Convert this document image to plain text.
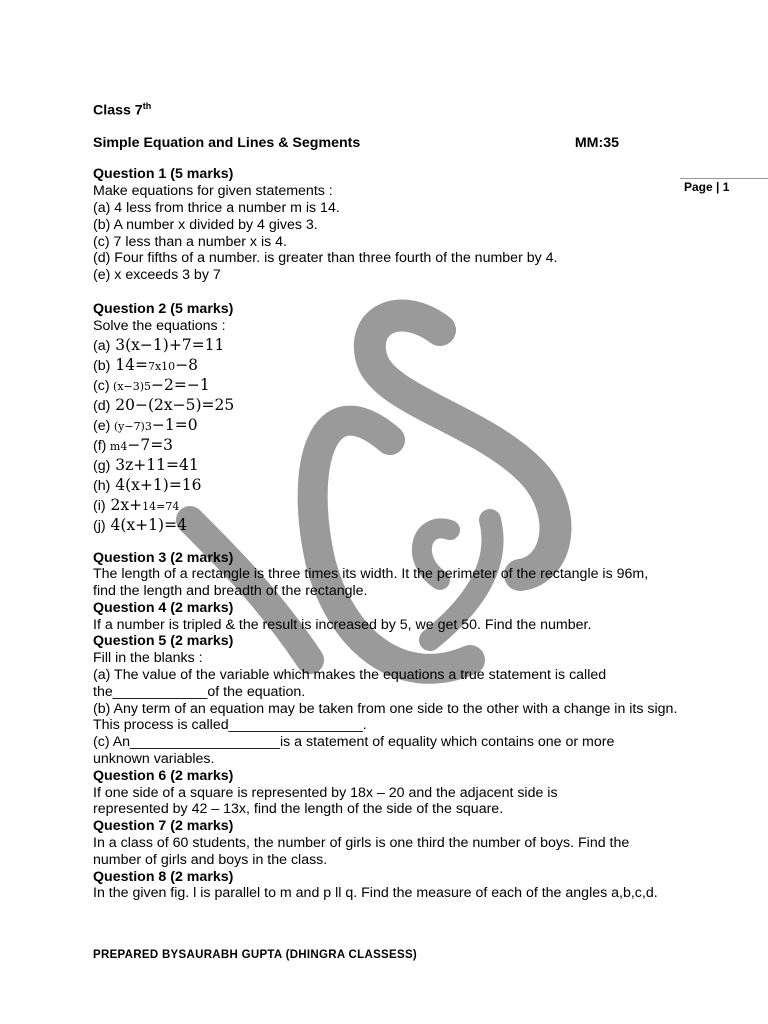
Page | 1
Class 7th
Simple Equation and Lines & Segments	MM:35
Question 1 (5 marks)
Make equations for given statements :
(a) 4 less from thrice a number m is 14.
(b) A number x divided by 4 gives 3.
(c) 7 less than a number x is 4.
(d) Four fifths of a number. is greater than three fourth of the number by 4.
(e) x exceeds 3 by 7
Question 2 (5 marks)
Solve the equations :
(a) 3(x−1)+7=11
(b) 14=7x10−8
(c) (x−3)5−2=−1
(d) 20−(2x−5)=25
(e) (y−7)3−1=0
(f) m4−7=3
(g) 3z+11=41
(h) 4(x+1)=16
(i) 2x+14=74
(j) 4(x+1)=4
Question 3 (2 marks)
The length of a rectangle is three times its width. It the perimeter of the rectangle is 96m, find the length and breadth of the rectangle.
Question 4 (2 marks)
If a number is tripled & the result is increased by 5, we get 50. Find the number.
Question 5 (2 marks)
Fill in the blanks :
(a) The value of the variable which makes the equations a true statement is called the____________of the equation.
(b) Any term of an equation may be taken from one side to the other with a change in its sign. This process is called_________________.
(c) An___________________is a statement of equality which contains one or more unknown variables.
Question 6 (2 marks)
If one side of a square is represented by 18x – 20 and the adjacent side is represented by 42 – 13x, find the length of the side of the square.
Question 7 (2 marks)
In a class of 60 students, the number of girls is one third the number of boys. Find the number of girls and boys in the class.
Question 8 (2 marks)
In the given fig. l is parallel to m and p ll q. Find the measure of each of the angles a,b,c,d.
PREPARED BYSAURABH GUPTA (DHINGRA CLASSESS)
